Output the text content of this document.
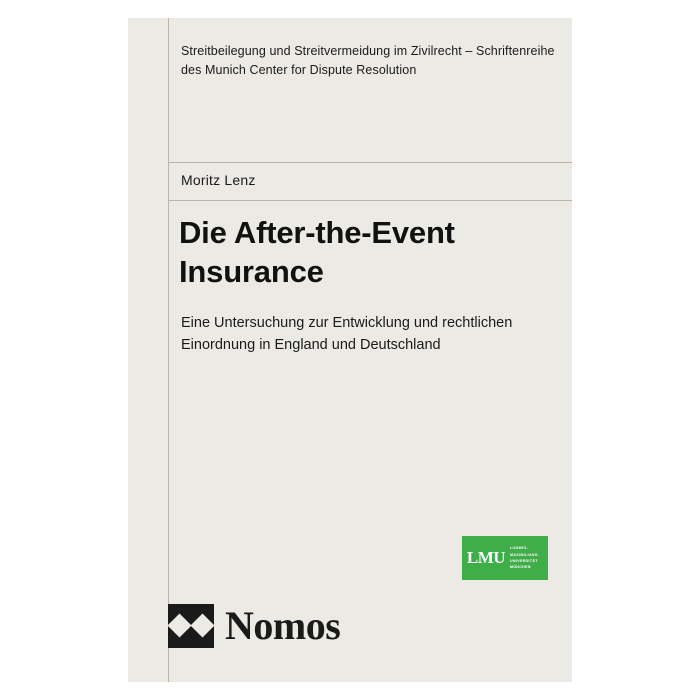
Streitbeilegung und Streitvermeidung im Zivilrecht – Schriftenreihe des Munich Center for Dispute Resolution
Moritz Lenz
Die After-the-Event Insurance
Eine Untersuchung zur Entwicklung und rechtlichen Einordnung in England und Deutschland
LMU	LUDWIG-
MAXIMILIANS-
UNIVERSITÄT
MÜNCHEN
Nomos
